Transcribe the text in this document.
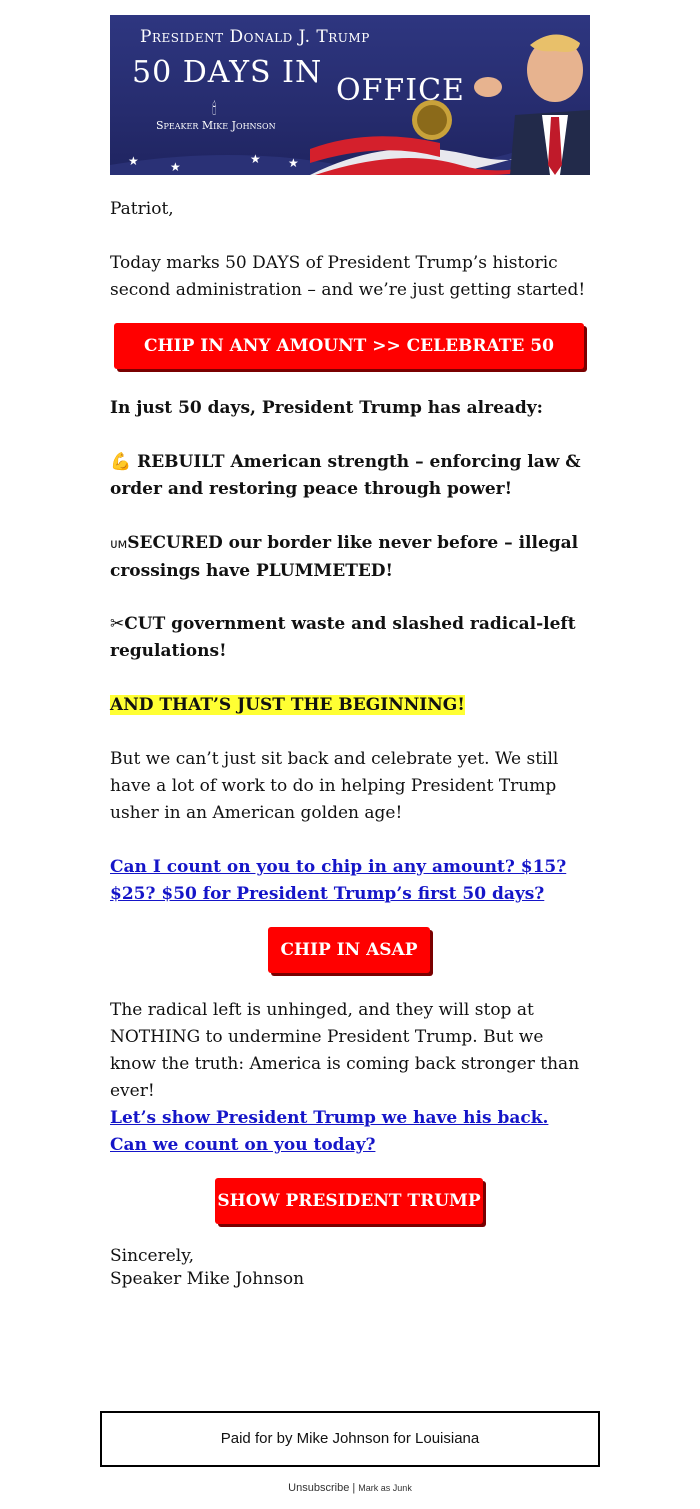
★	★
★ ★
President Donald J. Trump
50 DAYS IN
OFFICE
🕯
Speaker Mike Johnson

Patriot,

Today marks 50 DAYS of President Trump’s historic second administration – and we’re just getting started!

CHIP IN ANY AMOUNT >> CELEBRATE 50 DAYS!

In just 50 days, President Trump has already:

💪 REBUILT American strength – enforcing law & order and restoring peace through power!

ᴜᴍSECURED our border like never before – illegal crossings have PLUMMETED!

✂CUT government waste and slashed radical-left regulations!

AND THAT’S JUST THE BEGINNING!

But we can’t just sit back and celebrate yet. We still have a lot of work to do in helping President Trump usher in an American golden age!

Can I count on you to chip in any amount? $15? $25? $50 for President Trump’s first 50 days?

CHIP IN ASAP

The radical left is unhinged, and they will stop at NOTHING to undermine President Trump. But we know the truth: America is coming back stronger than ever!

Let’s show President Trump we have his back. Can we count on you today?

SHOW PRESIDENT TRUMP

Sincerely,

Speaker Mike Johnson

Paid for by Mike Johnson for Louisiana
Unsubscribe | Mark as Junk
